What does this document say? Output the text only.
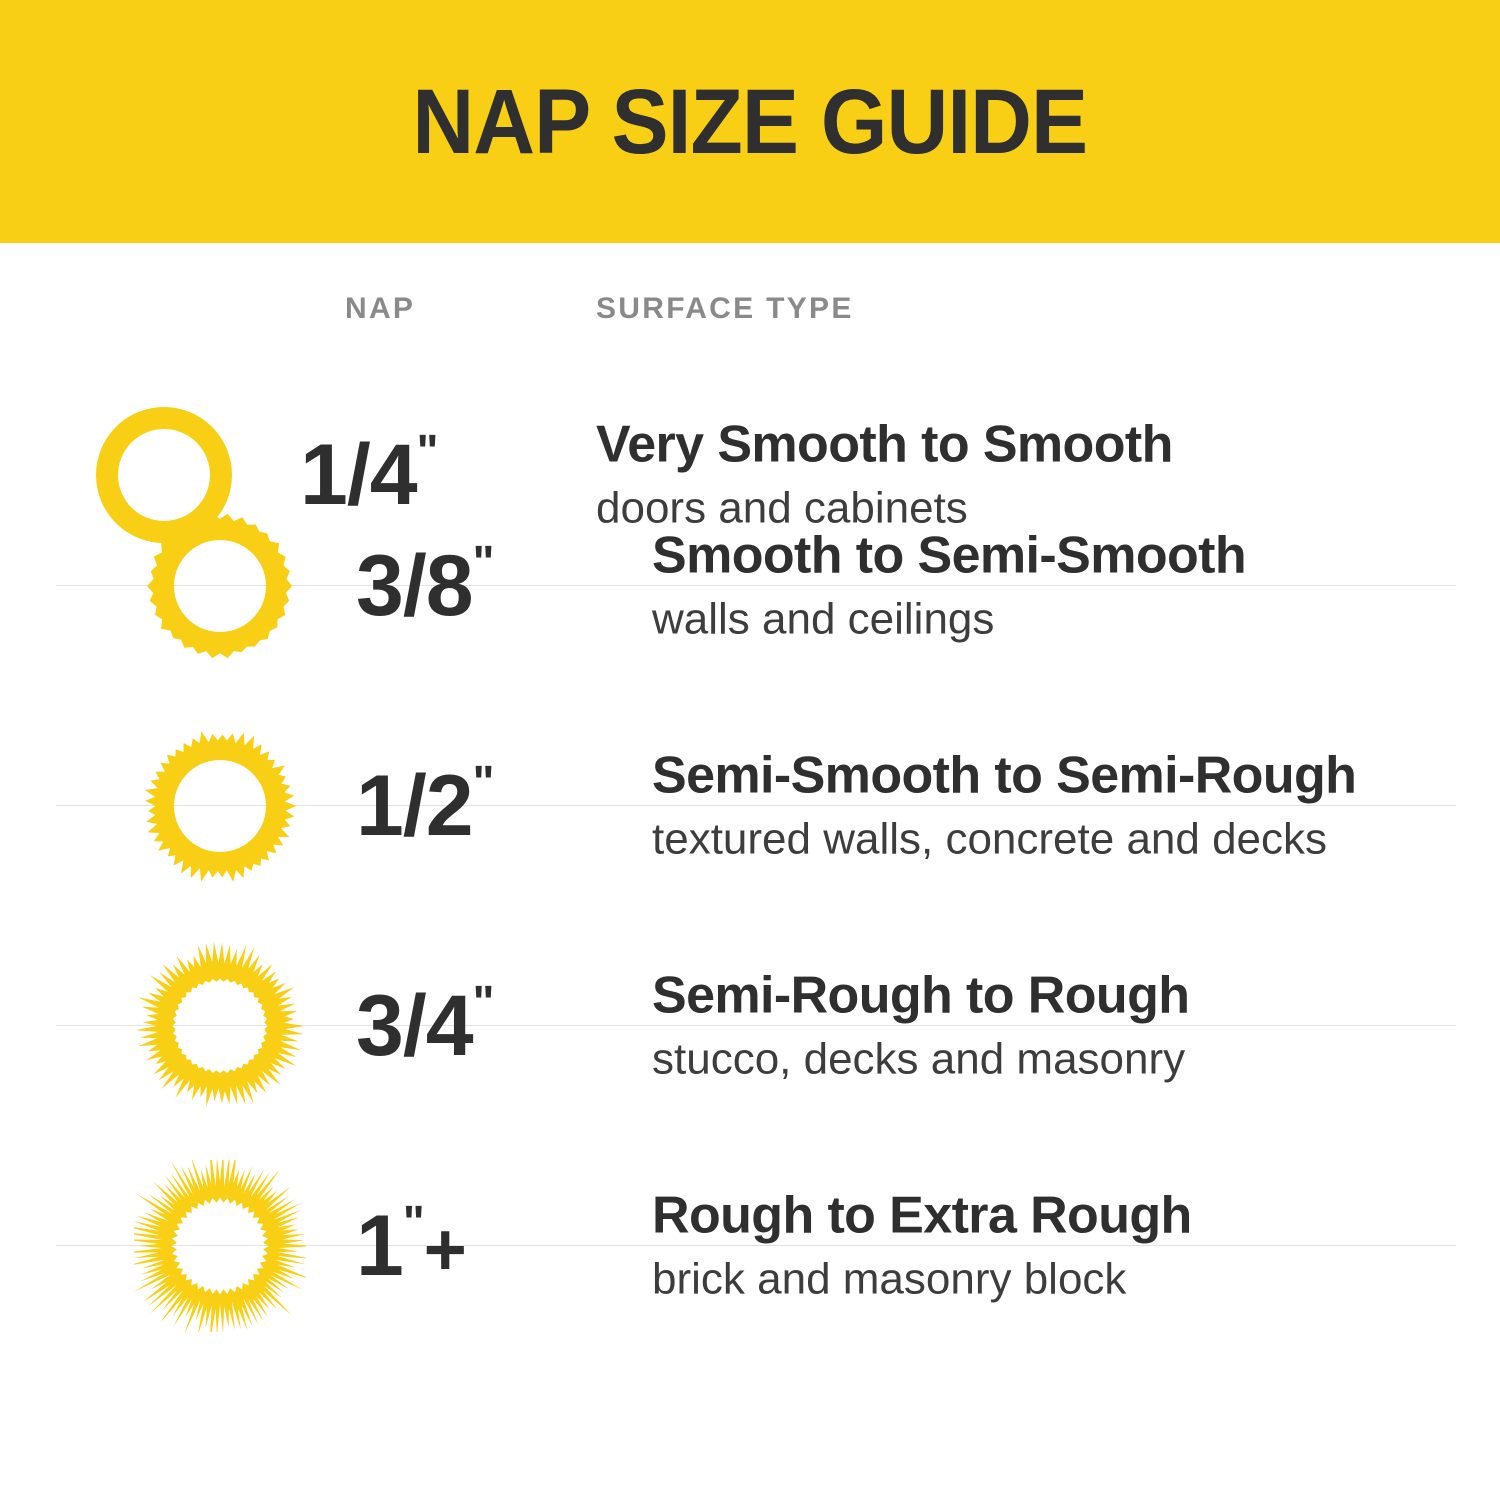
NAP SIZE GUIDE
NAP	SURFACE TYPE
1/4"	Very Smooth to Smooth
doors and cabinets
3/8"	Smooth to Semi-Smooth
walls and ceilings
1/2"	Semi-Smooth to Semi-Rough
textured walls, concrete and decks
3/4"	Semi-Rough to Rough
stucco, decks and masonry
1"+	Rough to Extra Rough
brick and masonry block
